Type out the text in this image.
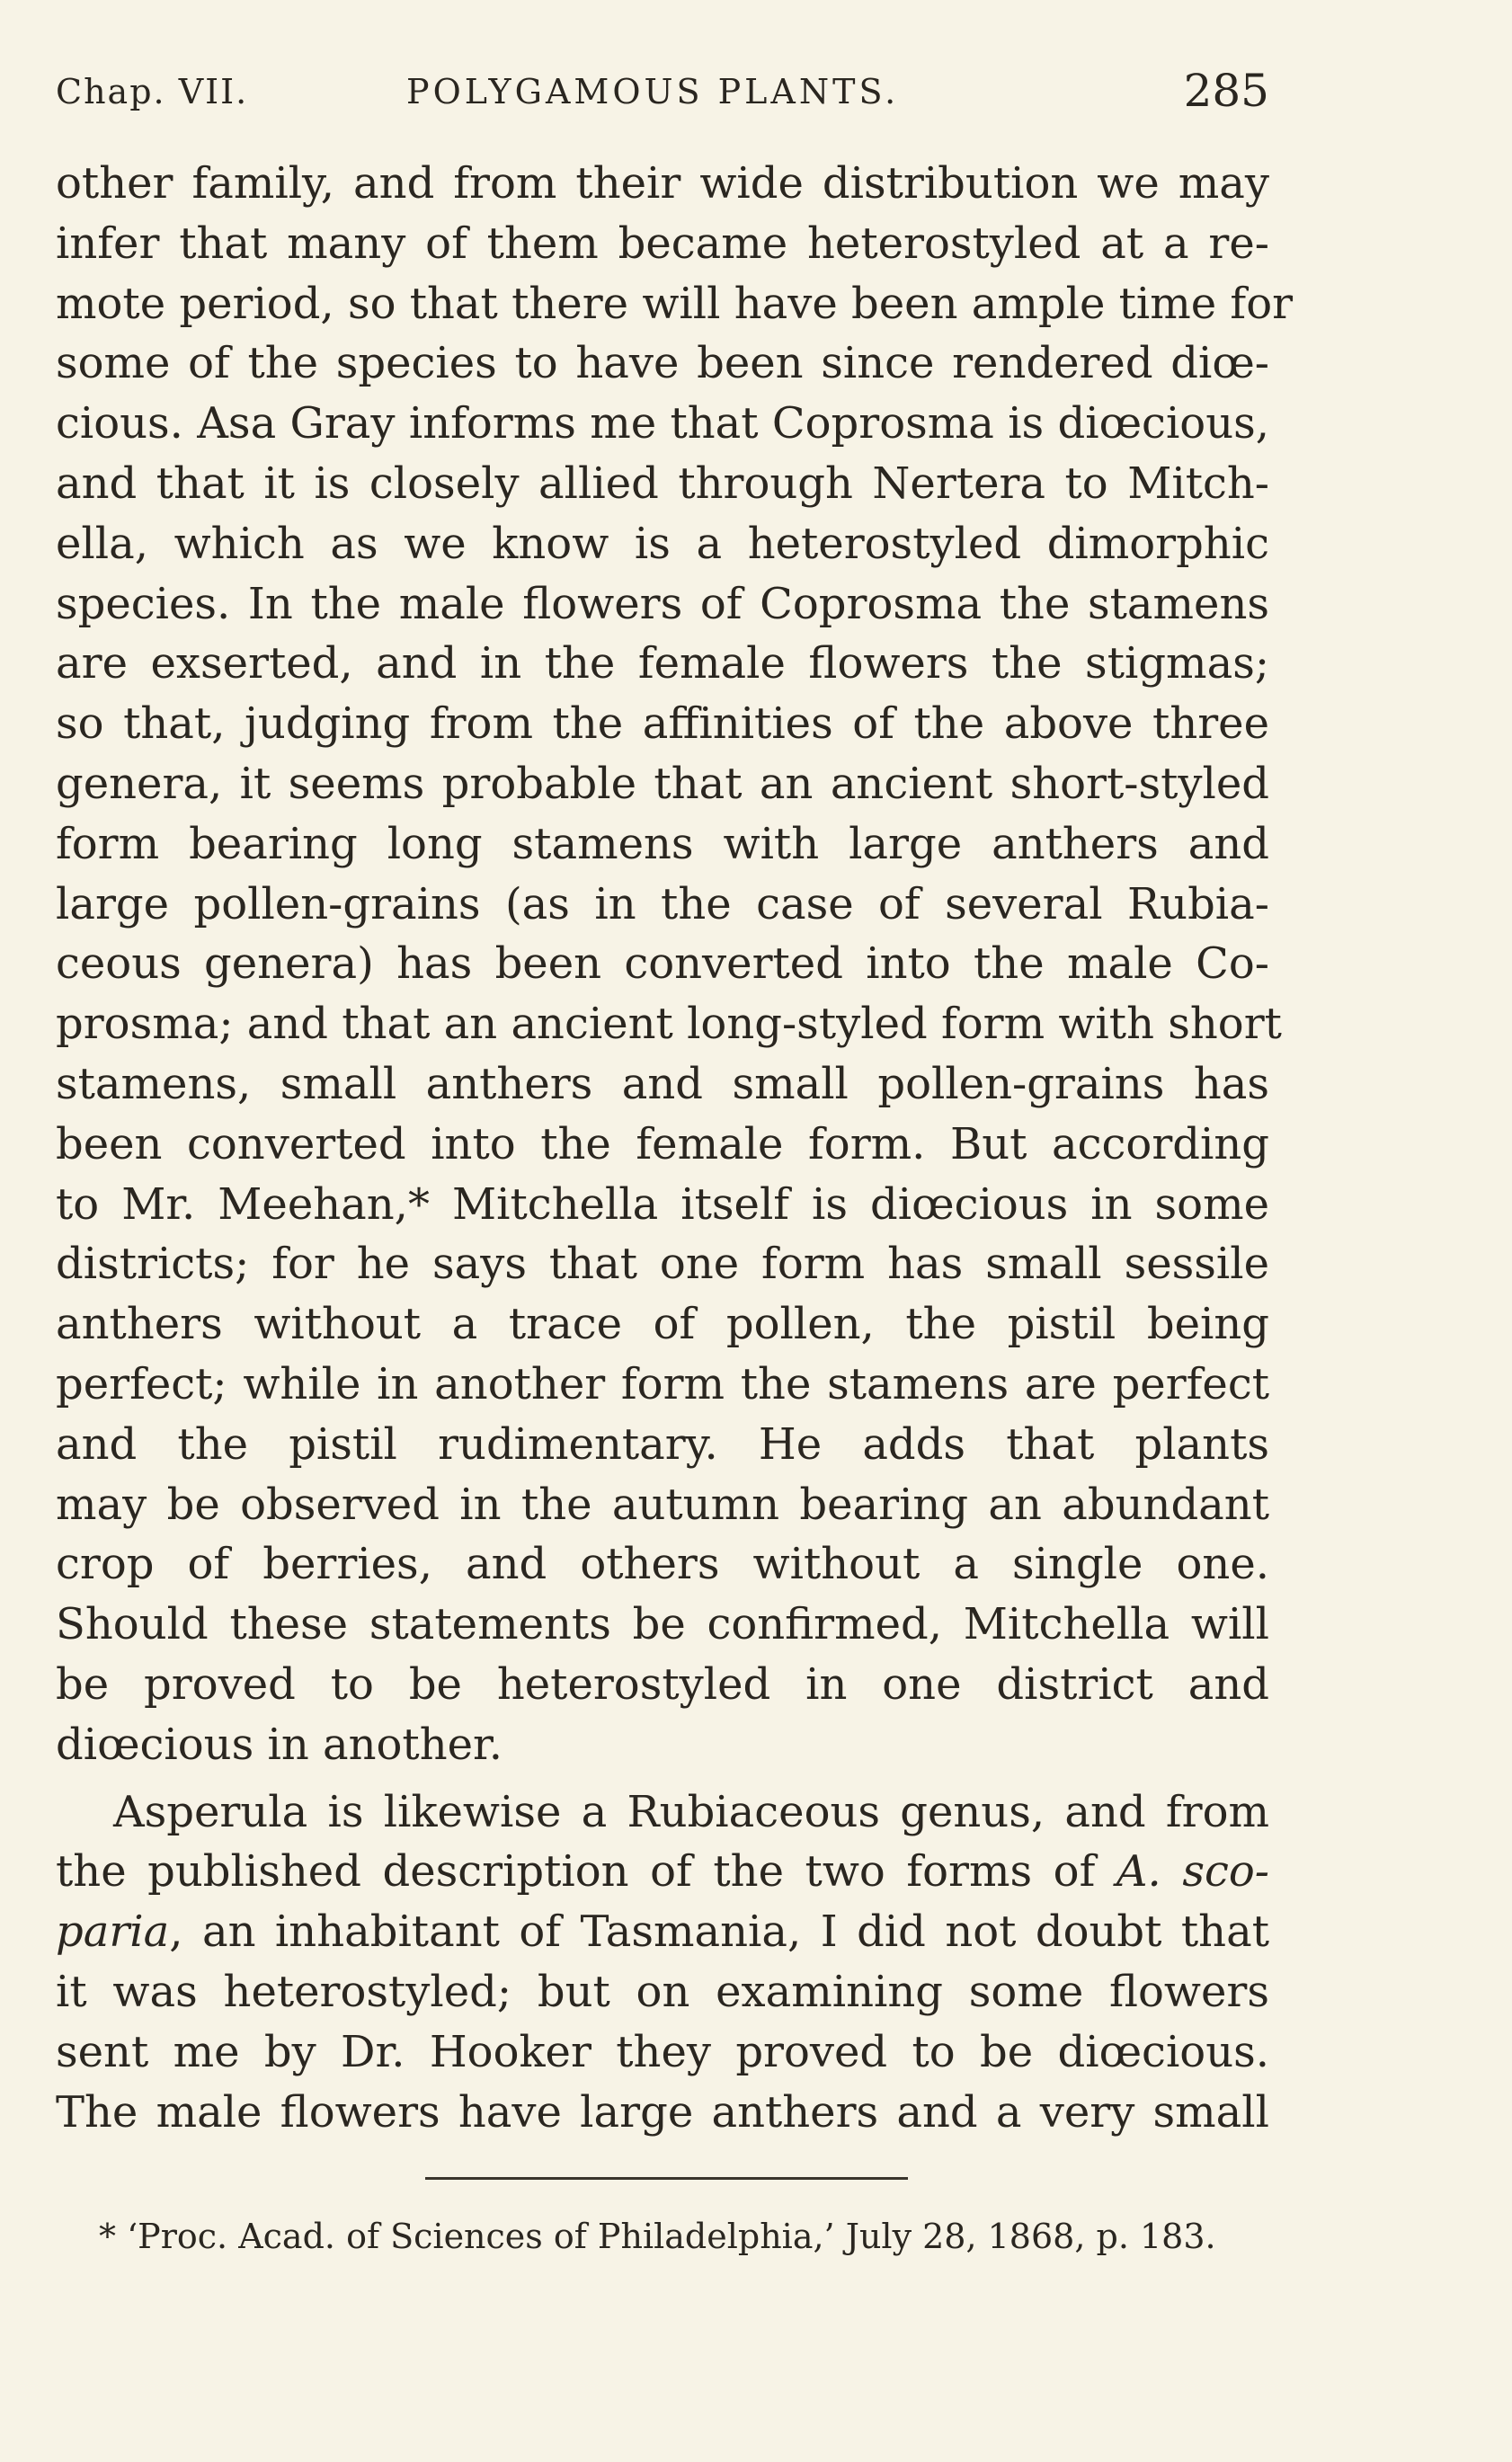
Chap. VII.	POLYGAMOUS PLANTS.	285
other family, and from their wide distribution we may
infer that many of them became heterostyled at a re-
mote period, so that there will have been ample time for
some of the species to have been since rendered diœ-
cious. Asa Gray informs me that Coprosma is diœcious,
and that it is closely allied through Nertera to Mitch-
ella, which as we know is a heterostyled dimorphic
species. In the male flowers of Coprosma the stamens
are exserted, and in the female flowers the stigmas;
so that, judging from the affinities of the above three
genera, it seems probable that an ancient short-styled
form bearing long stamens with large anthers and
large pollen-grains (as in the case of several Rubia-
ceous genera) has been converted into the male Co-
prosma; and that an ancient long-styled form with short
stamens, small anthers and small pollen-grains has
been converted into the female form. But according
to Mr. Meehan,* Mitchella itself is diœcious in some
districts; for he says that one form has small sessile
anthers without a trace of pollen, the pistil being
perfect; while in another form the stamens are perfect
and the pistil rudimentary. He adds that plants
may be observed in the autumn bearing an abundant
crop of berries, and others without a single one.
Should these statements be confirmed, Mitchella will
be proved to be heterostyled in one district and
diœcious in another.
Asperula is likewise a Rubiaceous genus, and from
the published description of the two forms of A. sco-
paria, an inhabitant of Tasmania, I did not doubt that
it was heterostyled; but on examining some flowers
sent me by Dr. Hooker they proved to be diœcious.
The male flowers have large anthers and a very small
* ‘Proc. Acad. of Sciences of Philadelphia,’ July 28, 1868, p. 183.
